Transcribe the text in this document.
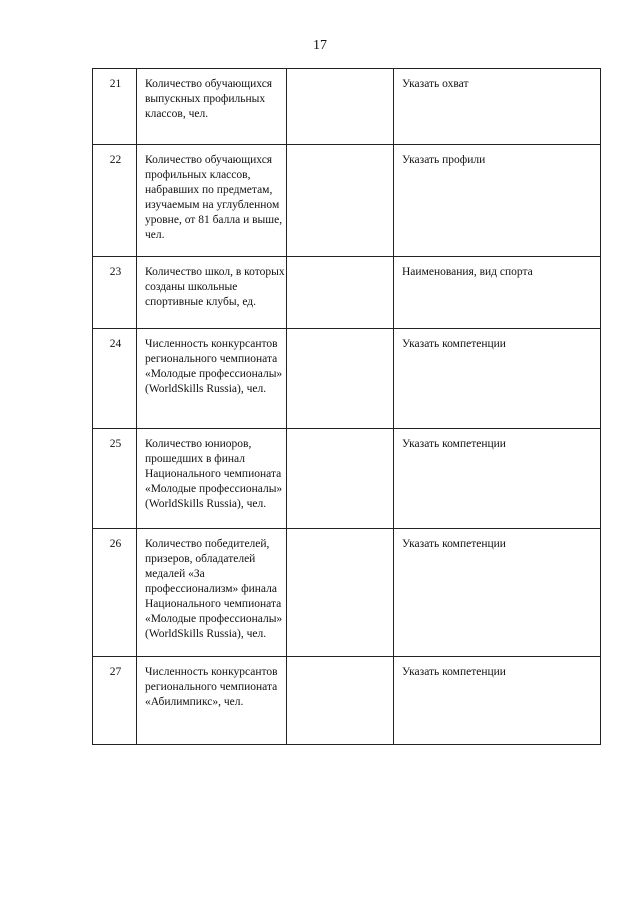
17
21	Количество обучающихся выпускных профильных классов, чел.		Указать охват

22	Количество обучающихся профильных классов, набравших по предметам, изучаемым на углубленном уровне, от 81 балла и выше, чел.		Указать профили

23	Количество школ, в которых созданы школьные спортивные клубы, ед.		Наименования, вид спорта

24	Численность конкурсантов регионального чемпионата «Молодые профессионалы» (WorldSkills Russia), чел.		Указать компетенции

25	Количество юниоров, прошедших в финал Национального чемпионата «Молодые профессионалы» (WorldSkills Russia), чел.		Указать компетенции

26	Количество победителей, призеров, обладателей медалей «За профессионализм» финала Национального чемпионата «Молодые профессионалы» (WorldSkills Russia), чел.		Указать компетенции

27	Численность конкурсантов регионального чемпионата «Абилимпикс», чел.		Указать компетенции
